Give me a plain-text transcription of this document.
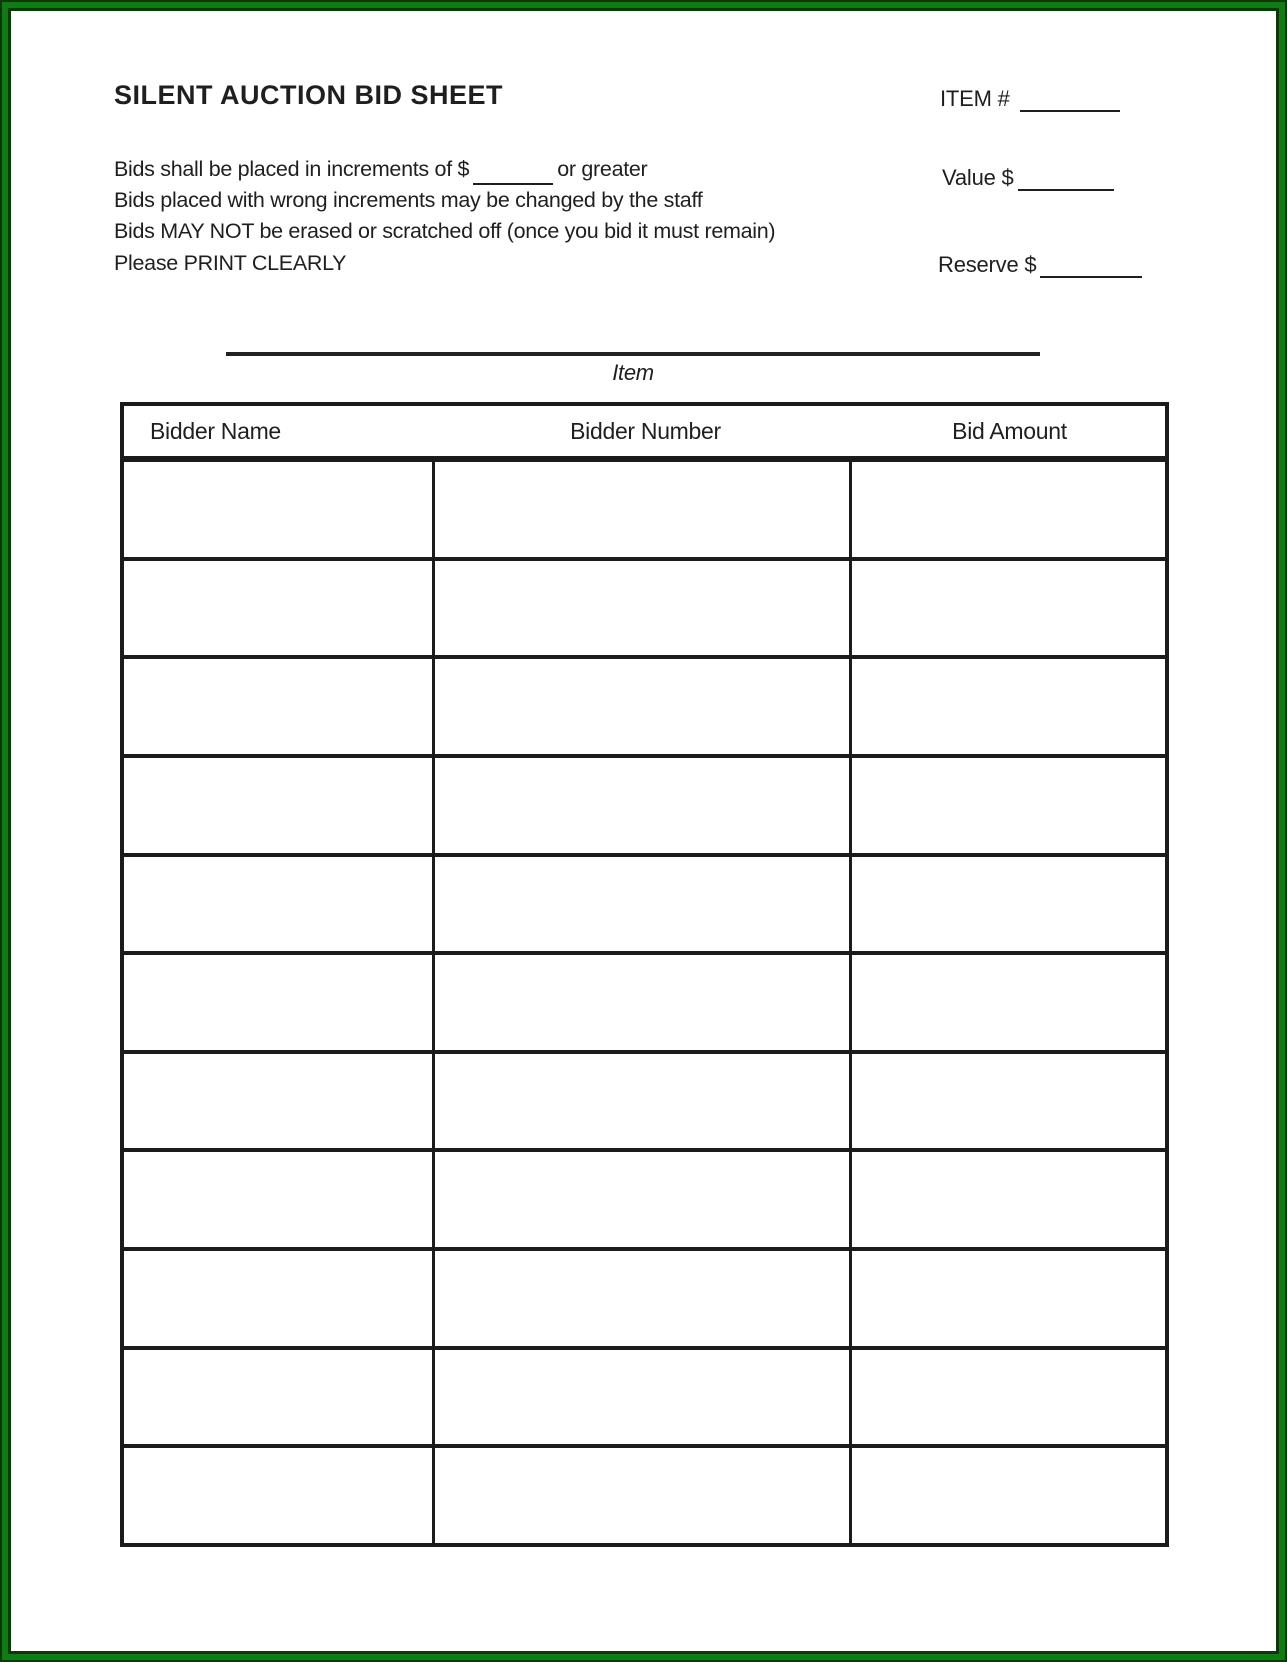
SILENT AUCTION BID SHEET	ITEM #
Bids shall be placed in increments of $	or greater
Bids placed with wrong increments may be changed by the staff
Bids MAY NOT be erased or scratched off (once you bid it must remain)
Please PRINT CLEARLY
Value $
Reserve $
Item
Bidder Name	Bidder Number	Bid Amount
